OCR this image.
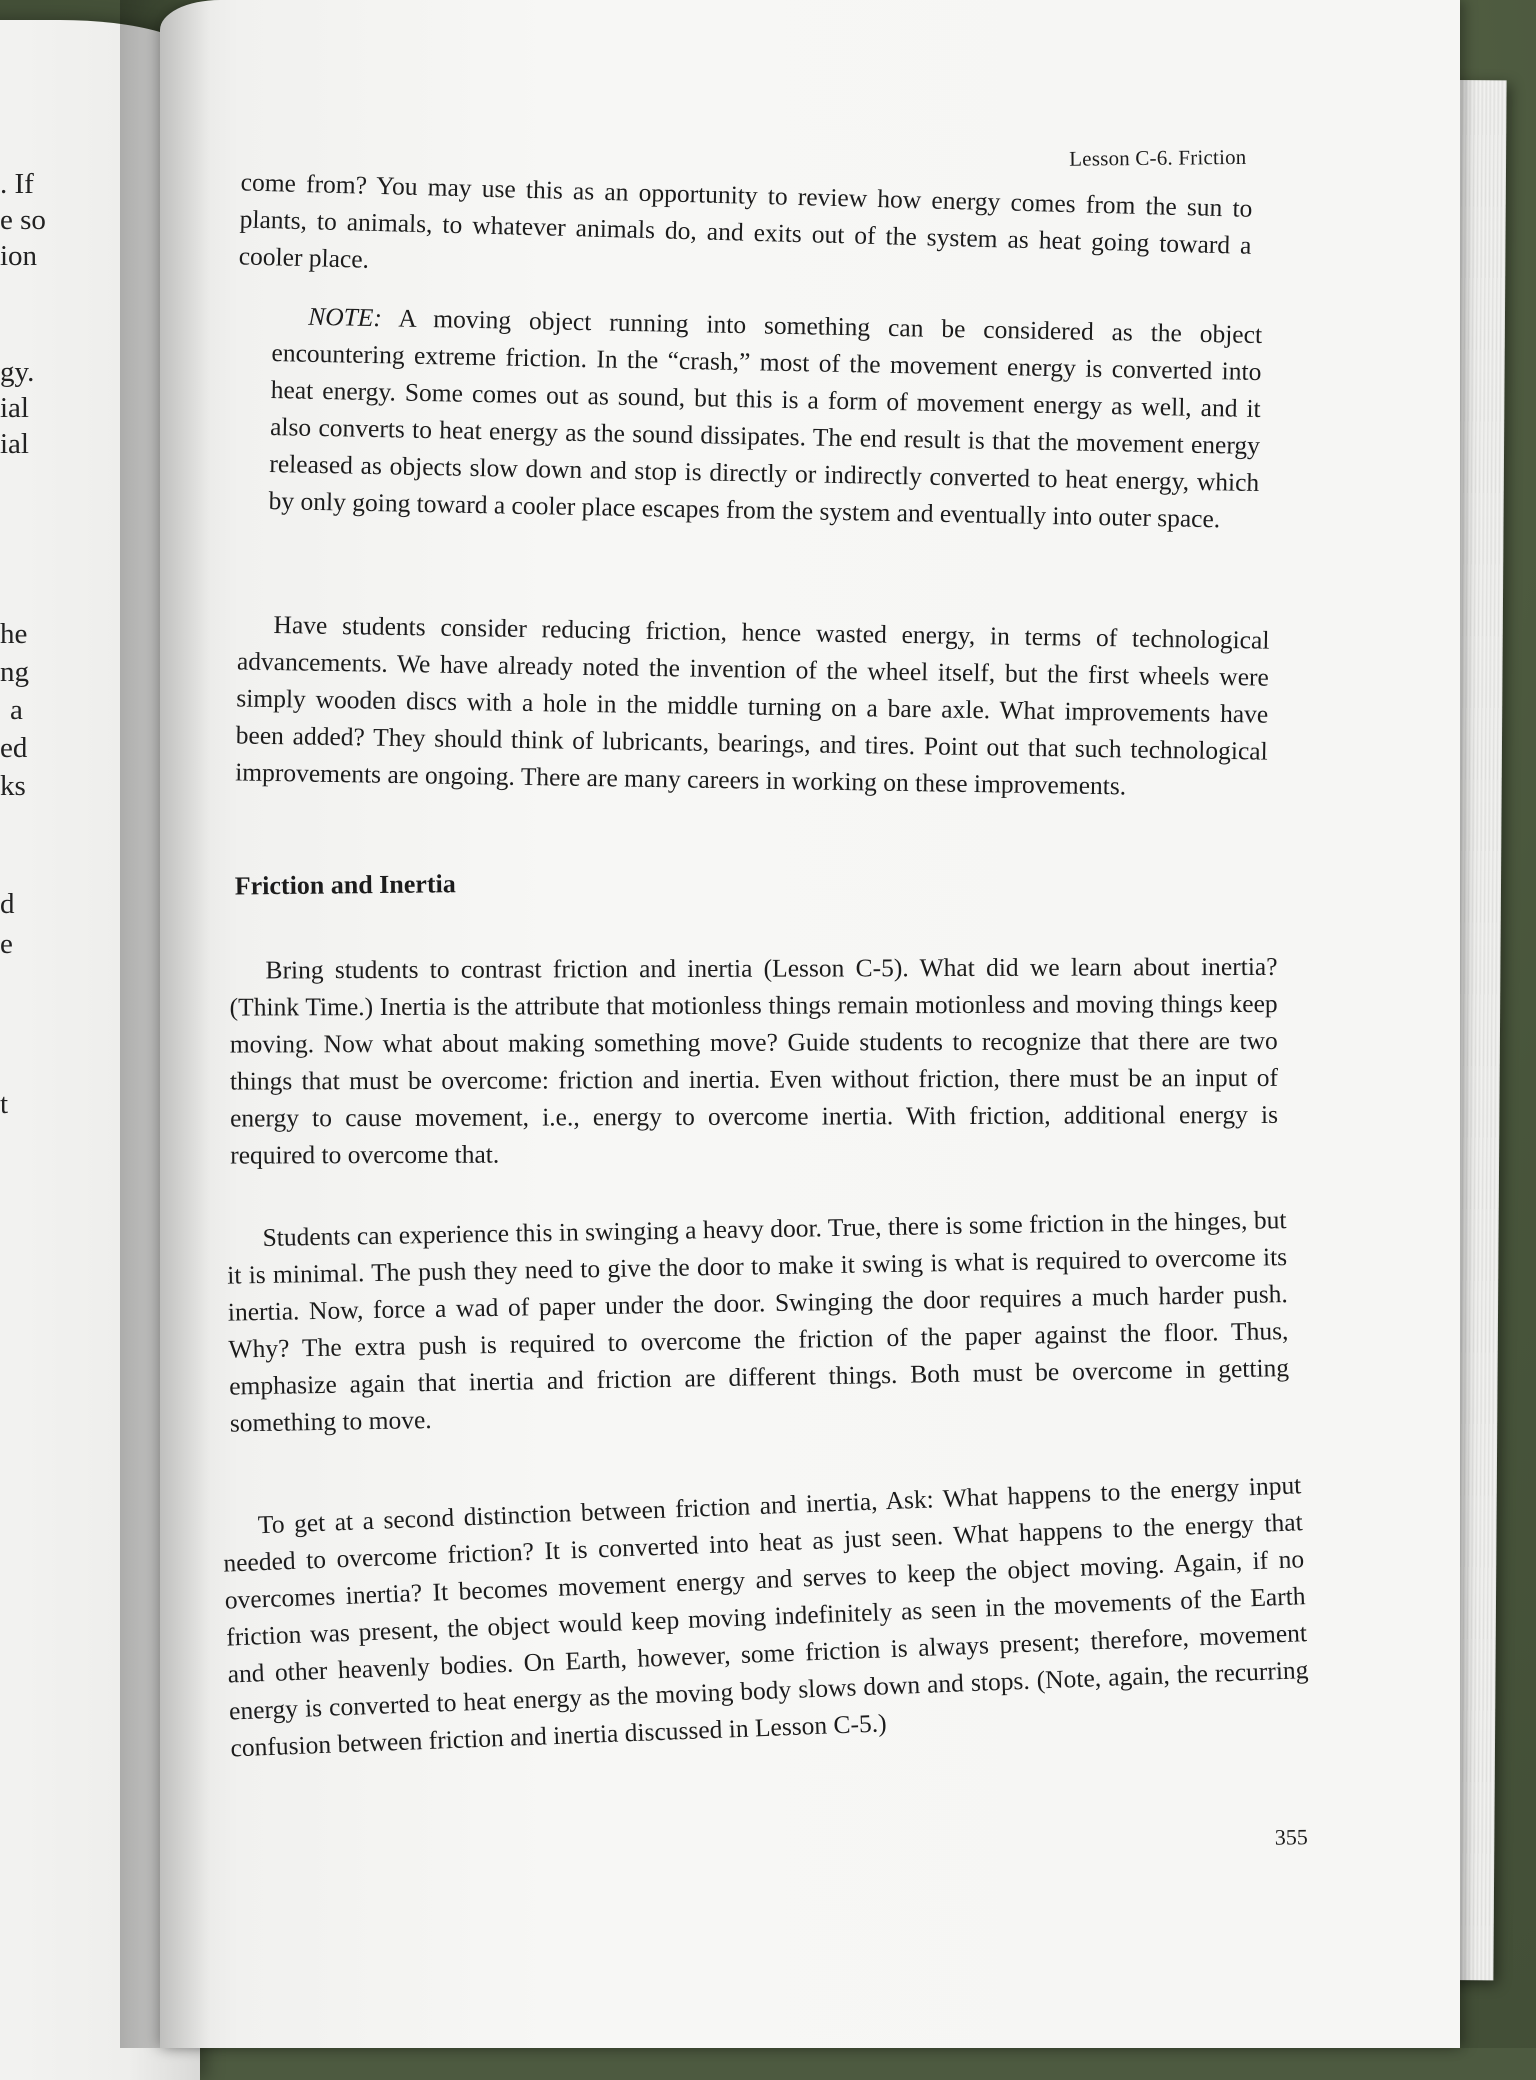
. If
e so
ion
gy.
ial
ial
he
ng
a
ed
ks
d
e
t
Lesson C-6. Friction

come from? You may use this as an opportunity to review how energy comes from the sun to plants, to animals, to whatever animals do, and exits out of the system as heat going toward a cooler place.

NOTE: A moving object running into something can be considered as the object encountering extreme friction. In the “crash,” most of the movement energy is converted into heat energy. Some comes out as sound, but this is a form of movement energy as well, and it also converts to heat energy as the sound dissipates. The end result is that the movement energy released as objects slow down and stop is directly or indirectly converted to heat energy, which by only going toward a cooler place escapes from the system and eventually into outer space.

Have students consider reducing friction, hence wasted energy, in terms of technological advancements. We have already noted the invention of the wheel itself, but the first wheels were simply wooden discs with a hole in the middle turning on a bare axle. What improvements have been added? They should think of lubricants, bearings, and tires. Point out that such technological improvements are ongoing. There are many careers in working on these improvements.

Friction and Inertia

Bring students to contrast friction and inertia (Lesson C-5). What did we learn about inertia? (Think Time.) Inertia is the attribute that motionless things remain motionless and moving things keep moving. Now what about making something move? Guide students to recognize that there are two things that must be overcome: friction and inertia. Even without friction, there must be an input of energy to cause movement, i.e., energy to overcome inertia. With friction, additional energy is required to overcome that.

Students can experience this in swinging a heavy door. True, there is some friction in the hinges, but it is minimal. The push they need to give the door to make it swing is what is required to overcome its inertia. Now, force a wad of paper under the door. Swinging the door requires a much harder push. Why? The extra push is required to overcome the friction of the paper against the floor. Thus, emphasize again that inertia and friction are different things. Both must be overcome in getting something to move.

To get at a second distinction between friction and inertia, Ask: What happens to the energy input needed to overcome friction? It is converted into heat as just seen. What happens to the energy that overcomes inertia? It becomes movement energy and serves to keep the object moving. Again, if no friction was present, the object would keep moving indefinitely as seen in the movements of the Earth and other heavenly bodies. On Earth, however, some friction is always present; therefore, movement energy is converted to heat energy as the moving body slows down and stops. (Note, again, the recurring confusion between friction and inertia discussed in Lesson C-5.)

355
